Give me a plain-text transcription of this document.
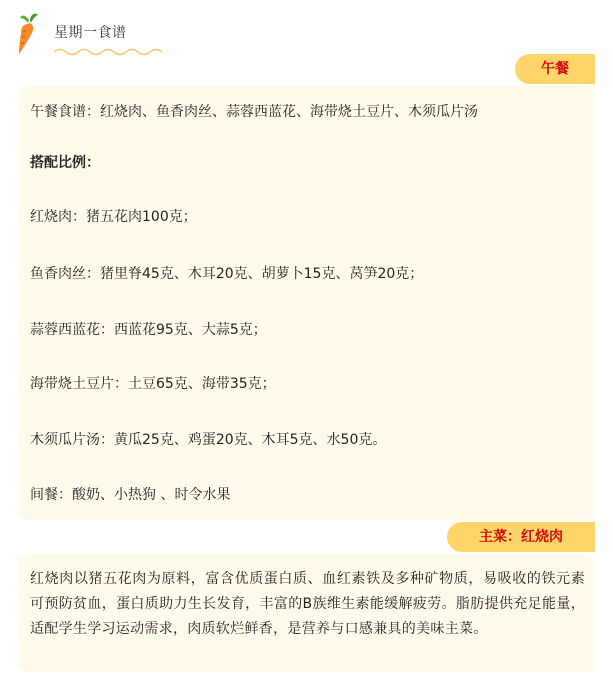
星期一食谱
午餐
午餐食谱：红烧肉、鱼香肉丝、蒜蓉西蓝花、海带烧土豆片、木须瓜片汤
搭配比例：
红烧肉：猪五花肉100克；
鱼香肉丝：猪里脊45克、木耳20克、胡萝卜15克、莴笋20克；
蒜蓉西蓝花：西蓝花95克、大蒜5克；
海带烧土豆片：土豆65克、海带35克；
木须瓜片汤：黄瓜25克、鸡蛋20克、木耳5克、水50克。
间餐：酸奶、小热狗 、时令水果
主菜：红烧肉
红烧肉以猪五花肉为原料，富含优质蛋白质、血红素铁及多种矿物质，易吸收的铁元素可预防贫血，蛋白质助力生长发育，丰富的B族维生素能缓解疲劳。脂肪提供充足能量，适配学生学习运动需求，肉质软烂鲜香，是营养与口感兼具的美味主菜。
